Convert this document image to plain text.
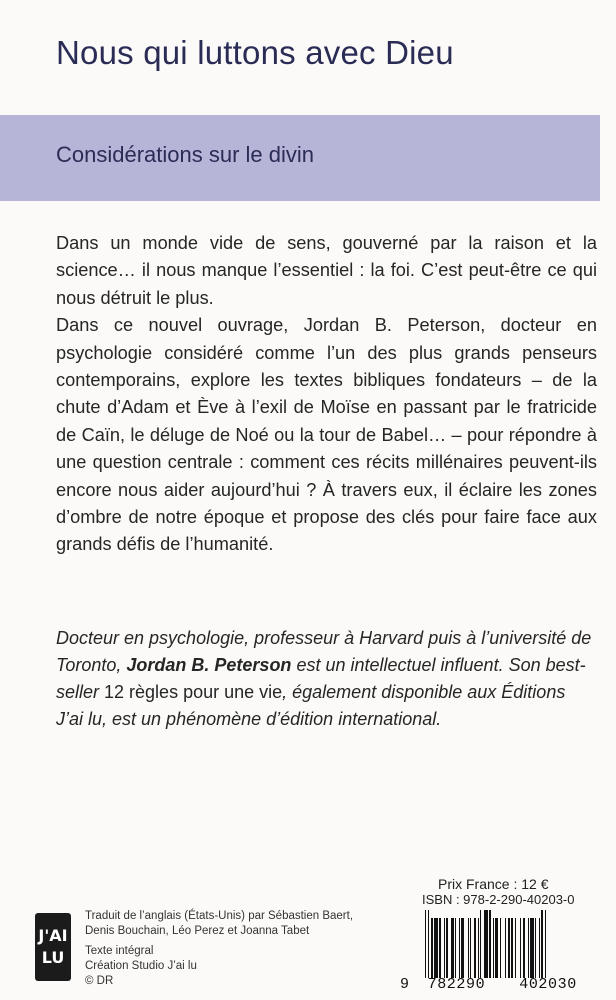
Nous qui luttons avec Dieu
Considérations sur le divin

Dans un monde vide de sens, gouverné par la raison et la science… il nous manque l’essentiel : la foi. C’est peut-être ce qui nous détruit le plus.

Dans ce nouvel ouvrage, Jordan B. Peterson, docteur en psychologie considéré comme l’un des plus grands penseurs contemporains, explore les textes bibliques fondateurs – de la chute d’Adam et Ève à l’exil de Moïse en passant par le fratricide de Caïn, le déluge de Noé ou la tour de Babel… – pour répondre à une question centrale : comment ces récits millénaires peuvent-ils encore nous aider aujourd’hui ? À travers eux, il éclaire les zones d’ombre de notre époque et propose des clés pour faire face aux grands défis de l’humanité.

Docteur en psychologie, professeur à Harvard puis à l’université de Toronto, Jordan B. Peterson est un intellectuel influent. Son best-seller 12 règles pour une vie, également disponible aux Éditions J’ai lu, est un phénomène d’édition international.

J'AI
LU
Traduit de l’anglais (États-Unis) par Sébastien Baert,
Denis Bouchain, Léo Perez et Joanna Tabet
Texte intégral
Création Studio J’ai lu
© DR
Prix France : 12 €
ISBN : 978-2-290-40203-0
9 782290 402030
